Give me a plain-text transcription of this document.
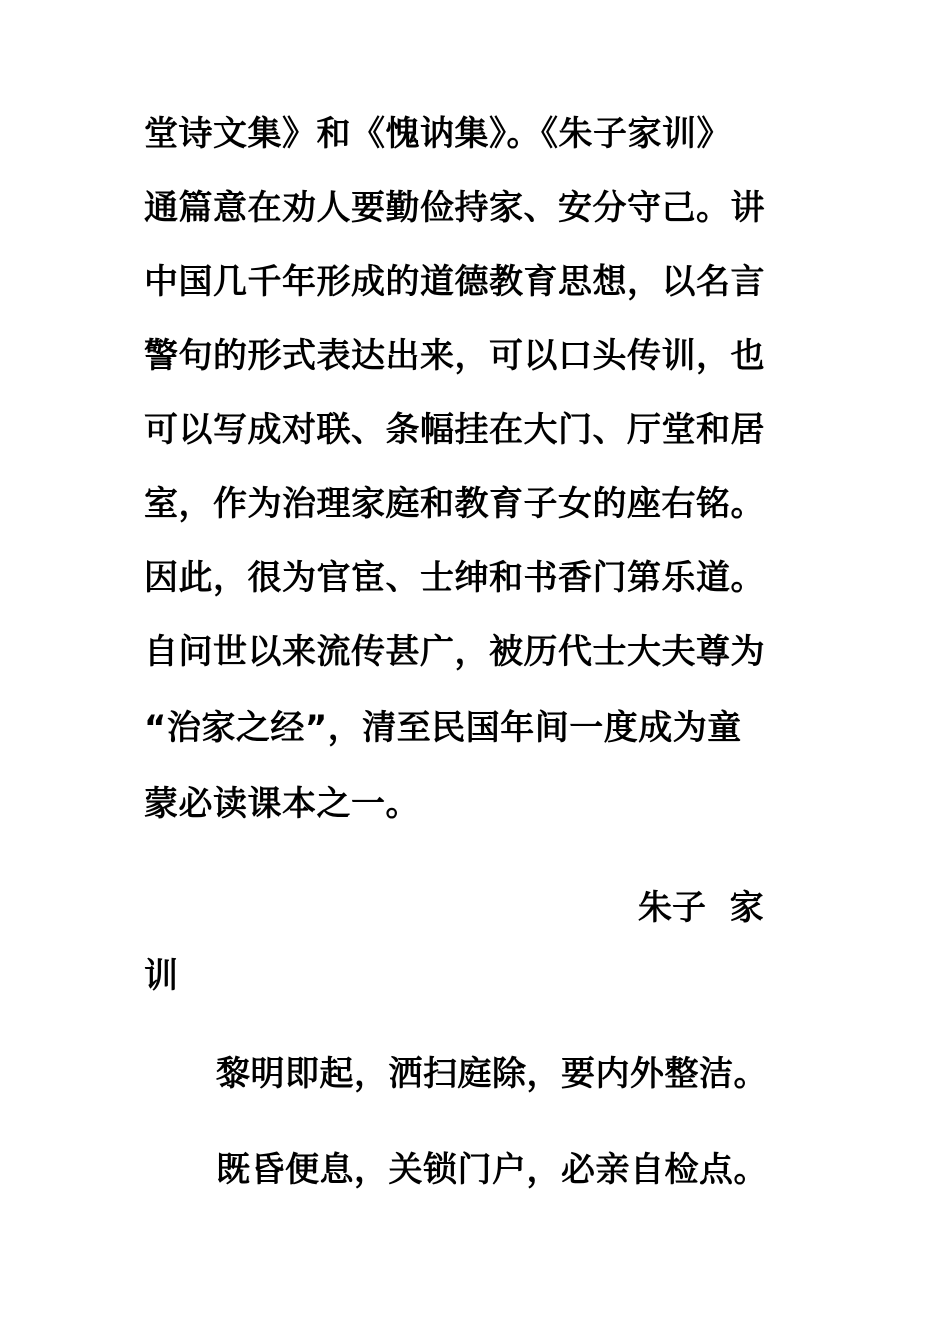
堂诗文集》和《愧讷集》。《朱子家训》
通篇意在劝人要勤俭持家、安分守己。讲
中国几千年形成的道德教育思想，以名言
警句的形式表达出来，可以口头传训，也
可以写成对联、条幅挂在大门、厅堂和居
室，作为治理家庭和教育子女的座右铭。
因此，很为官宦、士绅和书香门第乐道。
自问世以来流传甚广，被历代士大夫尊为
“治家之经”，清至民国年间一度成为童
蒙必读课本之一。
朱子  家
训
黎明即起，洒扫庭除，要内外整洁。
既昏便息，关锁门户，必亲自检点。
